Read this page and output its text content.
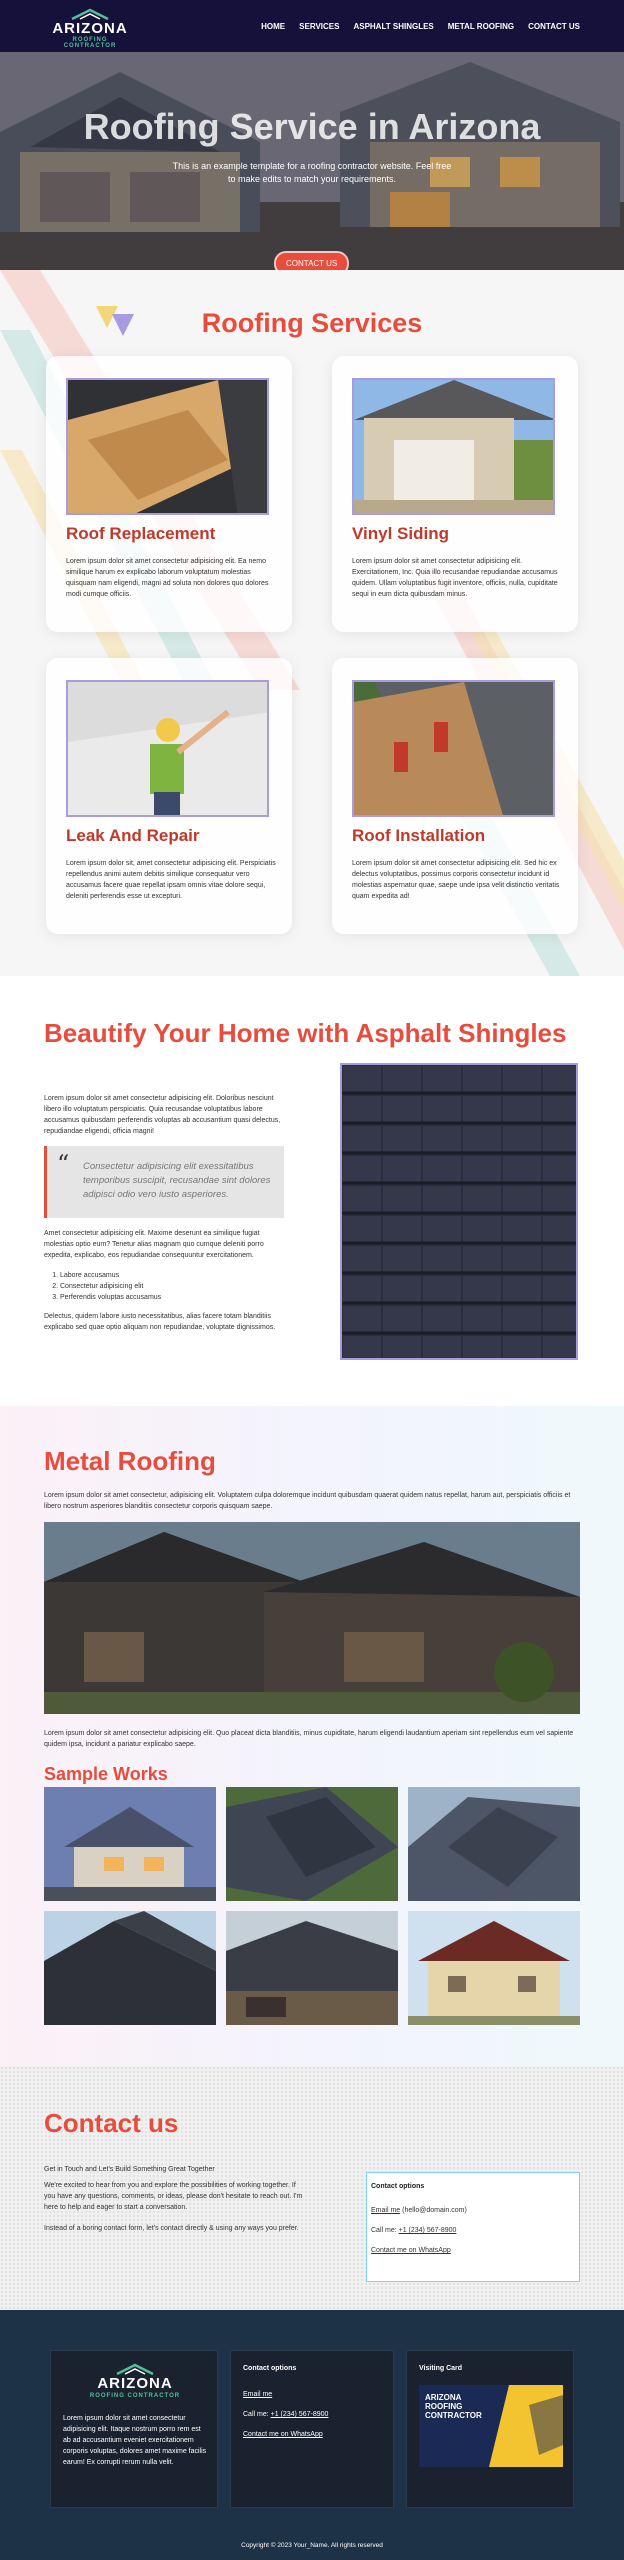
ARIZONA
ROOFING CONTRACTOR
HOME SERVICES ASPHALT SHINGLES METAL ROOFING CONTACT US
Roofing Service in Arizona
This is an example template for a roofing contractor website. Feel free
to make edits to match your requirements.
CONTACT US
Roofing Services
Roof Replacement
Lorem ipsum dolor sit amet consectetur adipisicing elit. Ea nemo similique harum ex explicabo laborum voluptatum molestias quisquam nam eligendi, magni ad soluta non dolores quo dolores modi cumque officiis.
Vinyl Siding
Lorem ipsum dolor sit amet consectetur adipisicing elit. Exercitationem, Inc. Quia illo recusandae repudiandae accusamus quidem. Ullam voluptatibus fugit inventore, officiis, nulla, cupiditate sequi in eum dicta quibusdam minus.
Leak And Repair
Lorem ipsum dolor sit, amet consectetur adipisicing elit. Perspiciatis repellendus animi autem debitis similique consequatur vero accusamus facere quae repellat ipsam omnis vitae dolore sequi, deleniti perferendis esse ut excepturi.
Roof Installation
Lorem ipsum dolor sit amet consectetur adipisicing elit. Sed hic ex delectus voluptatibus, possimus corporis consectetur incidunt id molestias aspernatur quae, saepe unde ipsa velit distinctio veritatis quam expedita ad!
Beautify Your Home with Asphalt Shingles
Lorem ipsum dolor sit amet consectetur adipisicing elit. Doloribus nesciunt libero illo voluptatum perspiciatis. Quia recusandae voluptatibus labore accusamus quibusdam perferendis voluptas ab accusantium quasi delectus, repudiandae eligendi, officia magni!
“ Consectetur adipisicing elit exessitatibus temporibus suscipit, recusandae sint dolores adipisci odio vero iusto asperiores.
Amet consectetur adipisicing elit. Maxime deserunt ea similique fugiat molestias optio eum? Tenetur alias magnam quo cumque deleniti porro expedita, explicabo, eos repudiandae consequuntur exercitationem.
1. Labore accusamus
2. Consectetur adipisicing elit
3. Perferendis voluptas accusamus
Delectus, quidem labore iusto necessitatibus, alias facere totam blanditiis explicabo sed quae optio aliquam non repudiandae, voluptate dignissimos.
Metal Roofing
Lorem ipsum dolor sit amet consectetur, adipisicing elit. Voluptatem culpa doloremque incidunt quibusdam quaerat quidem natus repellat, harum aut, perspiciatis officiis et libero nostrum asperiores blanditiis consectetur corporis quisquam saepe.
Lorem ipsum dolor sit amet consectetur adipisicing elit. Quo placeat dicta blanditiis, minus cupiditate, harum eligendi laudantium aperiam sint repellendus eum vel sapiente quidem ipsa, incidunt a pariatur explicabo saepe.
Sample Works
Contact us
Get in Touch and Let's Build Something Great Together
We're excited to hear from you and explore the possibilities of working together. If you have any questions, comments, or ideas, please don't hesitate to reach out. I'm here to help and eager to start a conversation.
Instead of a boring contact form, let's contact directly & using any ways you prefer.
Contact options
Email me (hello@domain.com)
Call me: +1 (234) 567-8900
Contact me on WhatsApp
ARIZONA
ROOFING CONTRACTOR
Lorem ipsum dolor sit amet consectetur adipisicing elit. Itaque nostrum porro rem est ab ad accusantium eveniet exercitationem corporis voluptas, dolores amet maxime facilis earum! Ex corrupti rerum nulla velit.
Contact options
Email me
Call me: +1 (234) 567-8900
Contact me on WhatsApp
Visiting Card
ARIZONA
ROOFING
CONTRACTOR
Copyright © 2023 Your_Name. All rights reserved
